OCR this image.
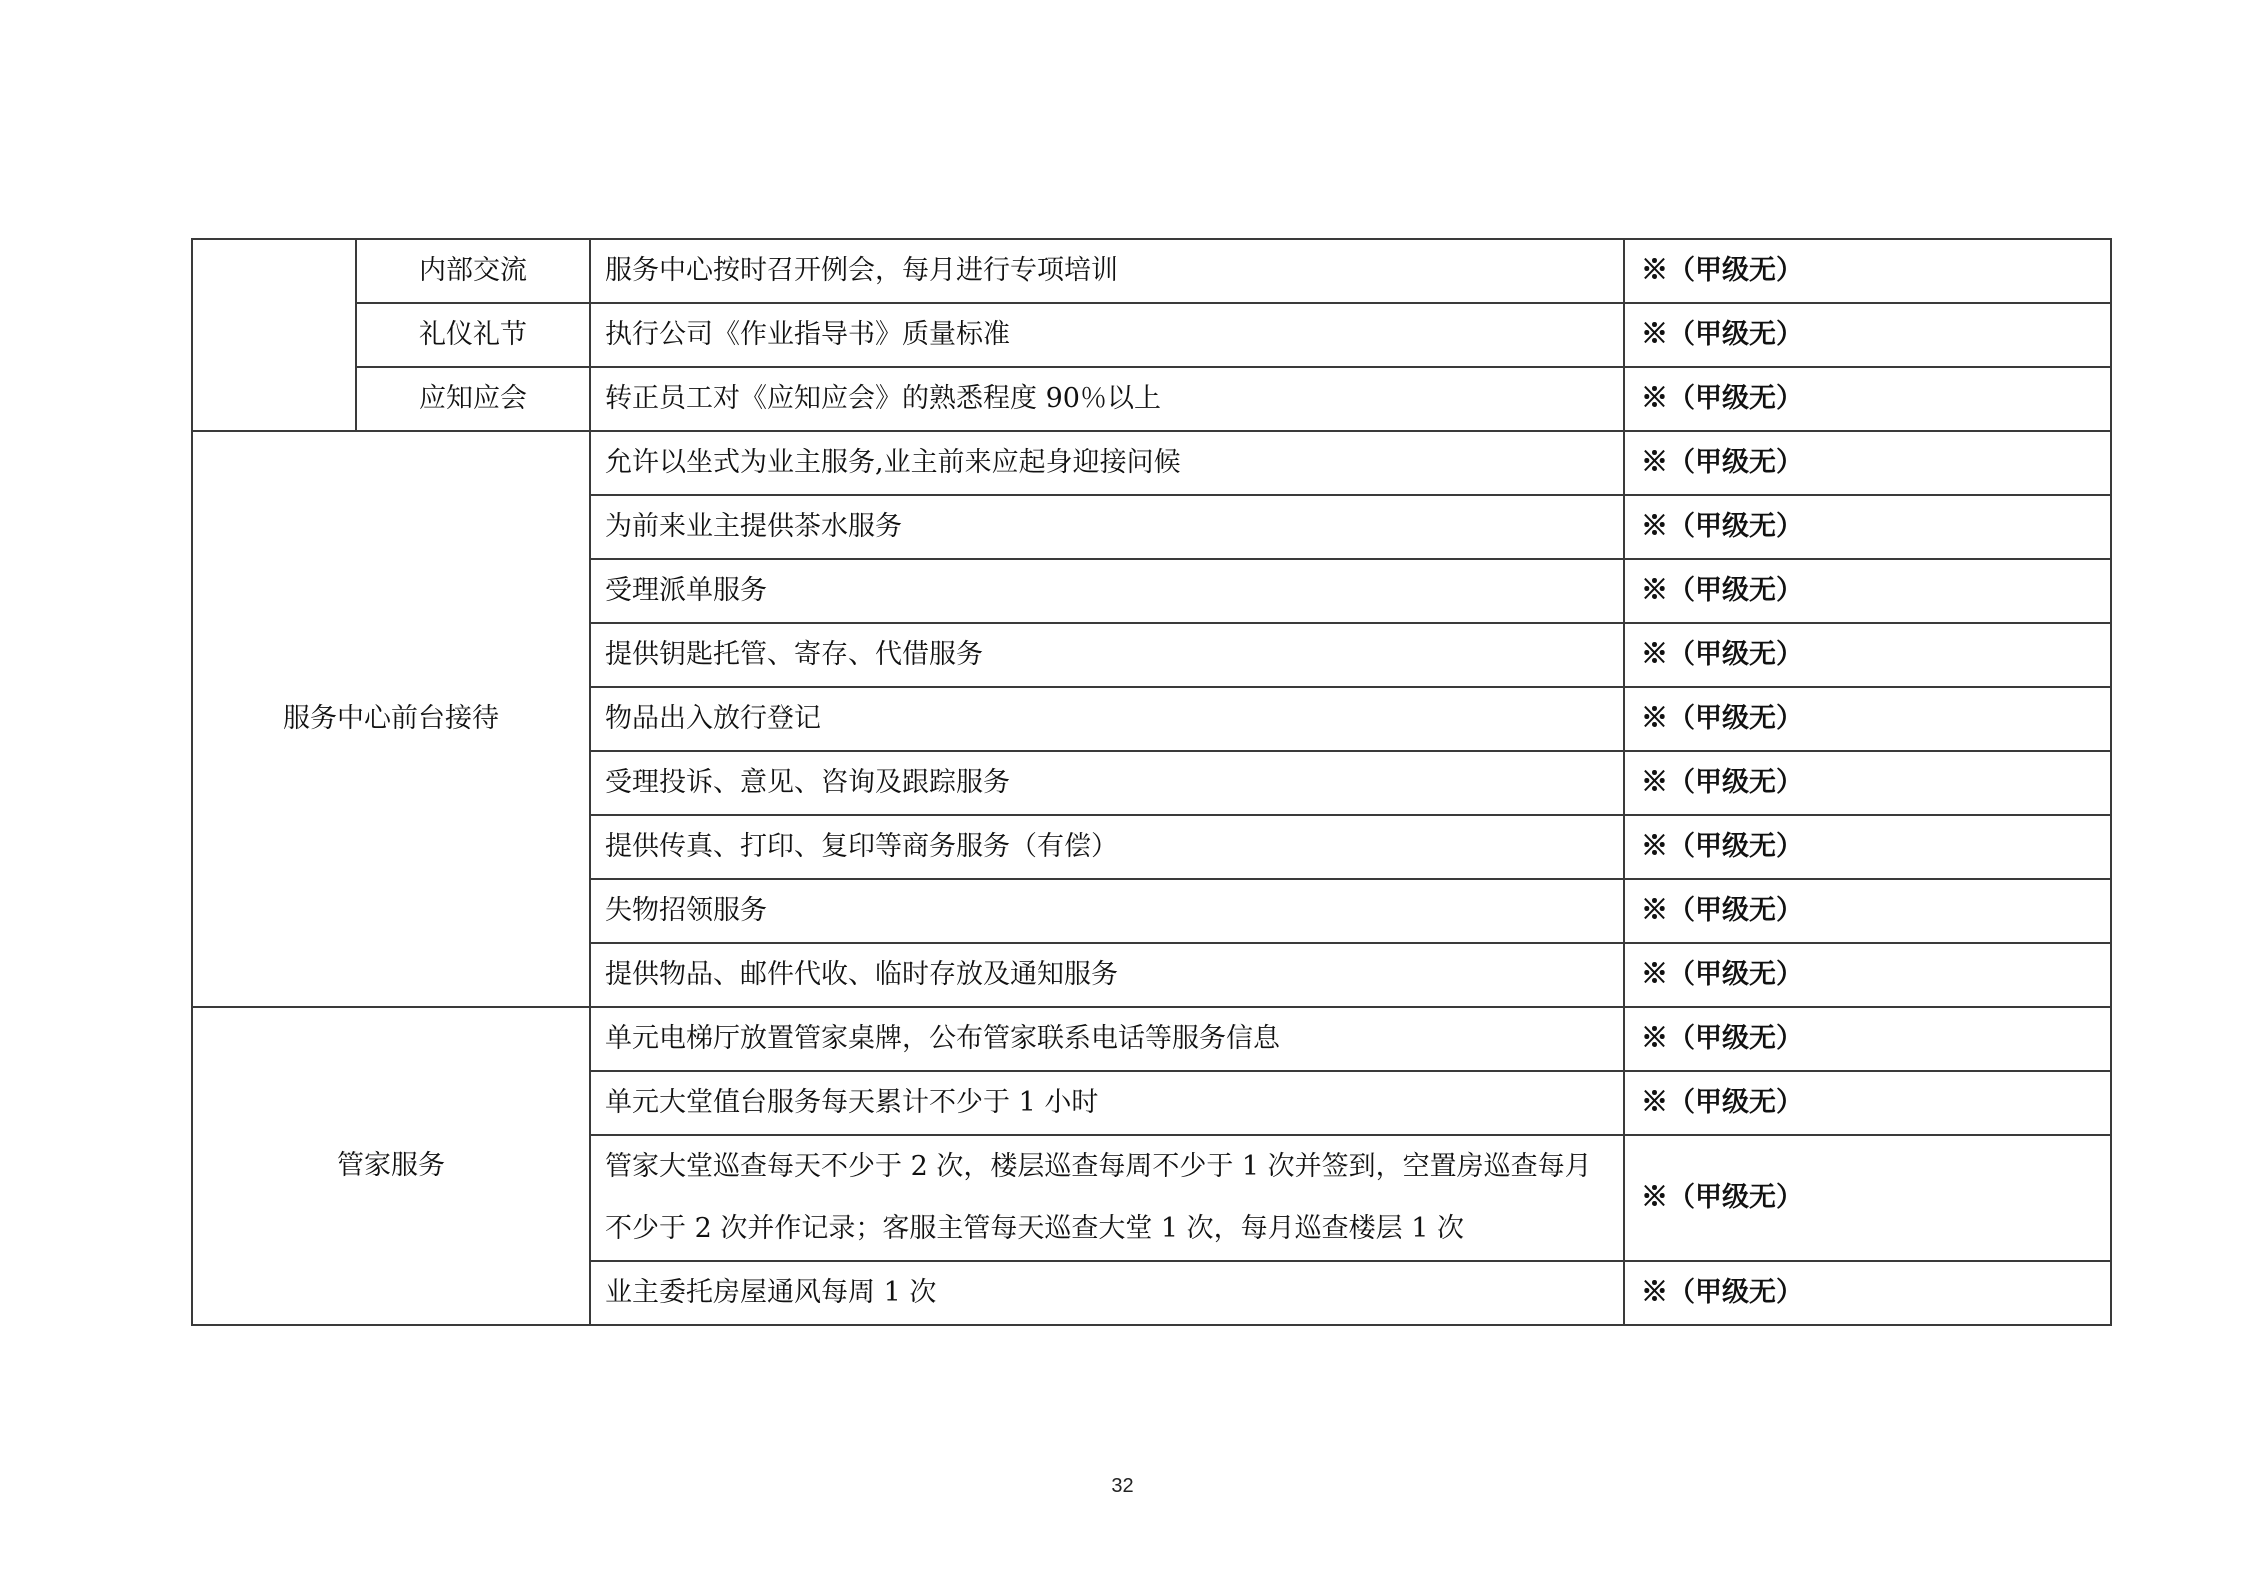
	内部交流	服务中心按时召开例会，每月进行专项培训	※（甲级无）
	礼仪礼节	执行公司《作业指导书》质量标准	※（甲级无）
	应知应会	转正员工对《应知应会》的熟悉程度 90％以上	※（甲级无）
服务中心前台接待		允许以坐式为业主服务,业主前来应起身迎接问候	※（甲级无）
		为前来业主提供茶水服务	※（甲级无）
		受理派单服务	※（甲级无）
		提供钥匙托管、寄存、代借服务	※（甲级无）
		物品出入放行登记	※（甲级无）
		受理投诉、意见、咨询及跟踪服务	※（甲级无）
		提供传真、打印、复印等商务服务（有偿）	※（甲级无）
		失物招领服务	※（甲级无）
		提供物品、邮件代收、临时存放及通知服务	※（甲级无）
管家服务		单元电梯厅放置管家桌牌，公布管家联系电话等服务信息	※（甲级无）
		单元大堂值台服务每天累计不少于 1 小时	※（甲级无）
		管家大堂巡查每天不少于 2 次，楼层巡查每周不少于 1 次并签到，空置房巡查每月不少于 2 次并作记录；客服主管每天巡查大堂 1 次，每月巡查楼层 1 次	※（甲级无）
		业主委托房屋通风每周 1 次	※（甲级无）
32
